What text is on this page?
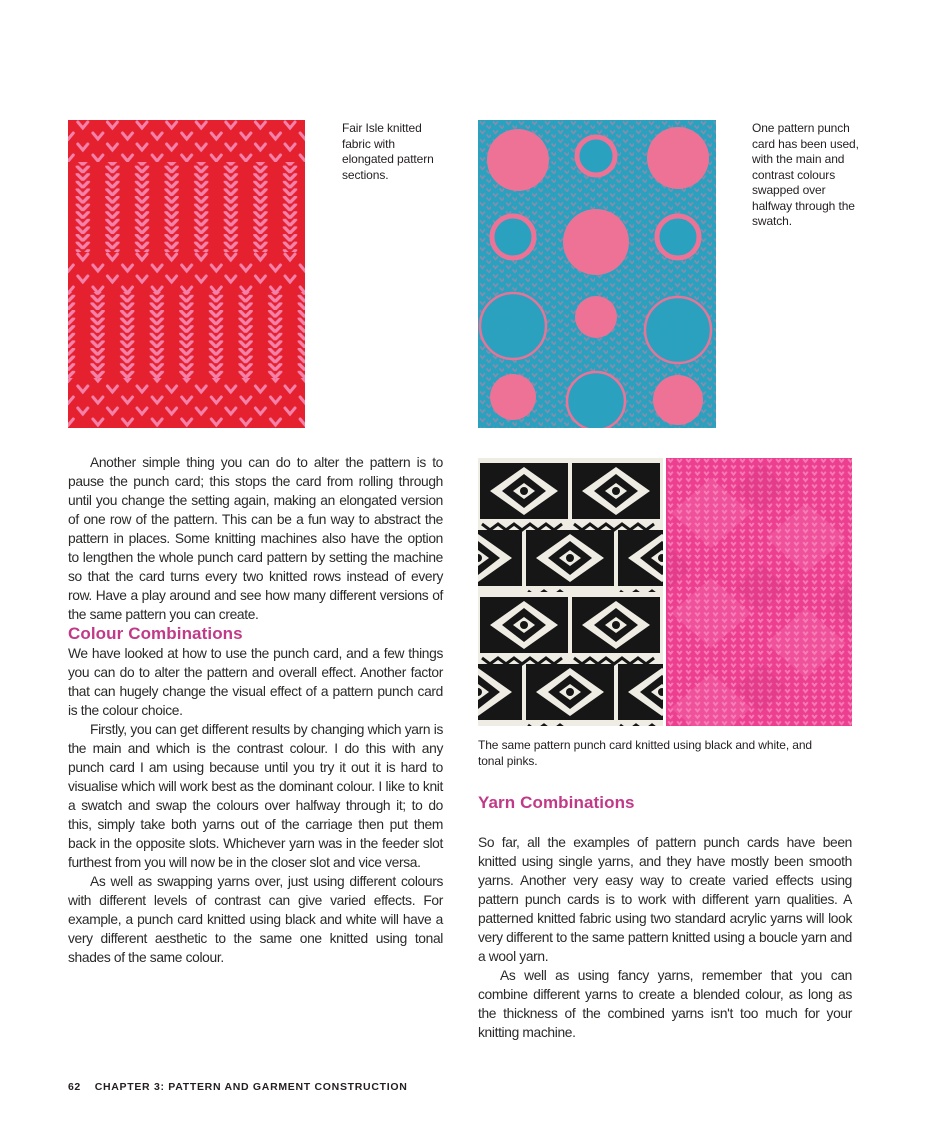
Fair Isle knitted fabric with elongated pattern sections.
One pattern punch card has been used, with the main and contrast colours swapped over halfway through the swatch.

Another simple thing you can do to alter the pattern is to pause the punch card; this stops the card from rolling through until you change the setting again, making an elongated version of one row of the pattern. This can be a fun way to abstract the pattern in places. Some knitting machines also have the option to lengthen the whole punch card pattern by setting the machine so that the card turns every two knitted rows instead of every row. Have a play around and see how many different versions of the same pattern you can create.

Colour Combinations

We have looked at how to use the punch card, and a few things you can do to alter the pattern and overall effect. Another factor that can hugely change the visual effect of a pattern punch card is the colour choice.

Firstly, you can get different results by changing which yarn is the main and which is the contrast colour. I do this with any punch card I am using because until you try it out it is hard to visualise which will work best as the dominant colour. I like to knit a swatch and swap the colours over halfway through it; to do this, simply take both yarns out of the carriage then put them back in the opposite slots. Whichever yarn was in the feeder slot furthest from you will now be in the closer slot and vice versa.

As well as swapping yarns over, just using different colours with different levels of contrast can give varied effects. For example, a punch card knitted using black and white will have a very different aesthetic to the same one knitted using tonal shades of the same colour.

The same pattern punch card knitted using black and white, and tonal pinks.
Yarn Combinations

So far, all the examples of pattern punch cards have been knitted using single yarns, and they have mostly been smooth yarns. Another very easy way to create varied effects using pattern punch cards is to work with different yarn qualities. A patterned knitted fabric using two standard acrylic yarns will look very different to the same pattern knitted using a boucle yarn and a wool yarn.

As well as using fancy yarns, remember that you can combine different yarns to create a blended colour, as long as the thickness of the combined yarns isn't too much for your knitting machine.

62 CHAPTER 3: PATTERN AND GARMENT CONSTRUCTION
